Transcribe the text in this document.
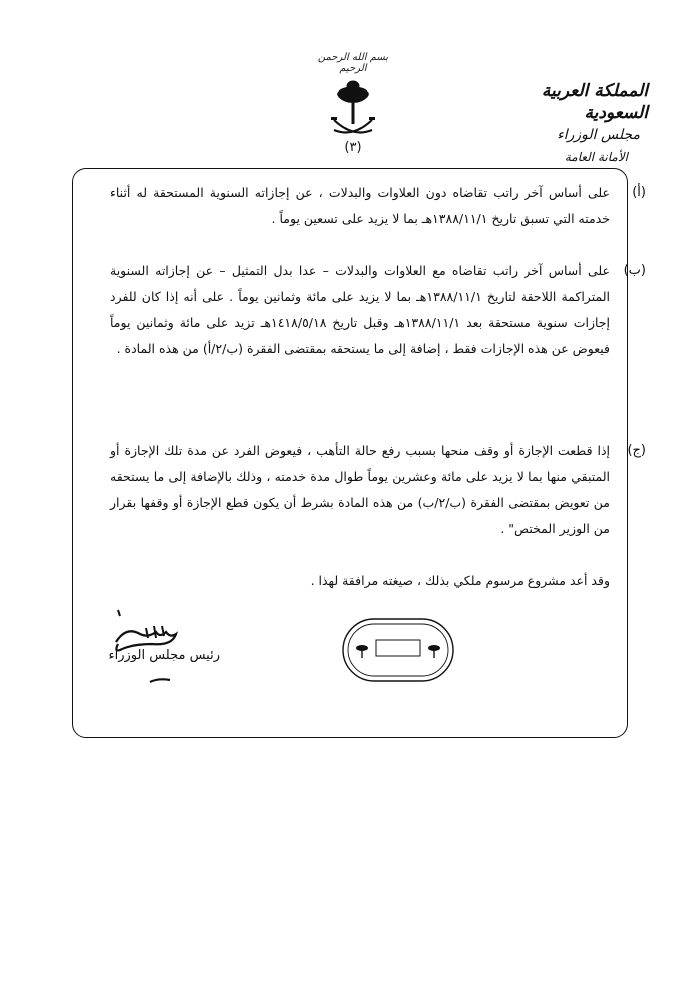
بسم الله الرحمن الرحيم
(٣)
المملكة العربية السعودية
مجلس الوزراء
الأمانة العامة
(أ)
على أساس آخر راتب تقاضاه دون العلاوات والبدلات ، عن إجازاته السنوية المستحقة له أثناء خدمته التي تسبق تاريخ ١٣٨٨/١١/١هـ بما لا يزيد على تسعين يوماً .
(ب)
على أساس آخر راتب تقاضاه مع العلاوات والبدلات – عدا بدل التمثيل – عن إجازاته السنوية المتراكمة اللاحقة لتاريخ ١٣٨٨/١١/١هـ بما لا يزيد على مائة وثمانين يوماً . على أنه إذا كان للفرد إجازات سنوية مستحقة بعد ١٣٨٨/١١/١هـ وقبل تاريخ ١٤١٨/٥/١٨هـ تزيد على مائة وثمانين يوماً فيعوض عن هذه الإجازات فقط ، إضافة إلى ما يستحقه بمقتضى الفقرة (ب/٢/أ) من هذه المادة .
(ج)
إذا قطعت الإجازة أو وقف منحها بسبب رفع حالة التأهب ، فيعوض الفرد عن مدة تلك الإجازة أو المتبقي منها بما لا يزيد على مائة وعشرين يوماً طوال مدة خدمته ، وذلك بالإضافة إلى ما يستحقه من تعويض بمقتضى الفقرة (ب/٢/ب) من هذه المادة بشرط أن يكون قطع الإجازة أو وقفها بقرار من الوزير المختص" .
وقد أعد مشروع مرسوم ملكي بذلك ، صيغته مرافقة لهذا .
رئيس مجلس الوزراء
